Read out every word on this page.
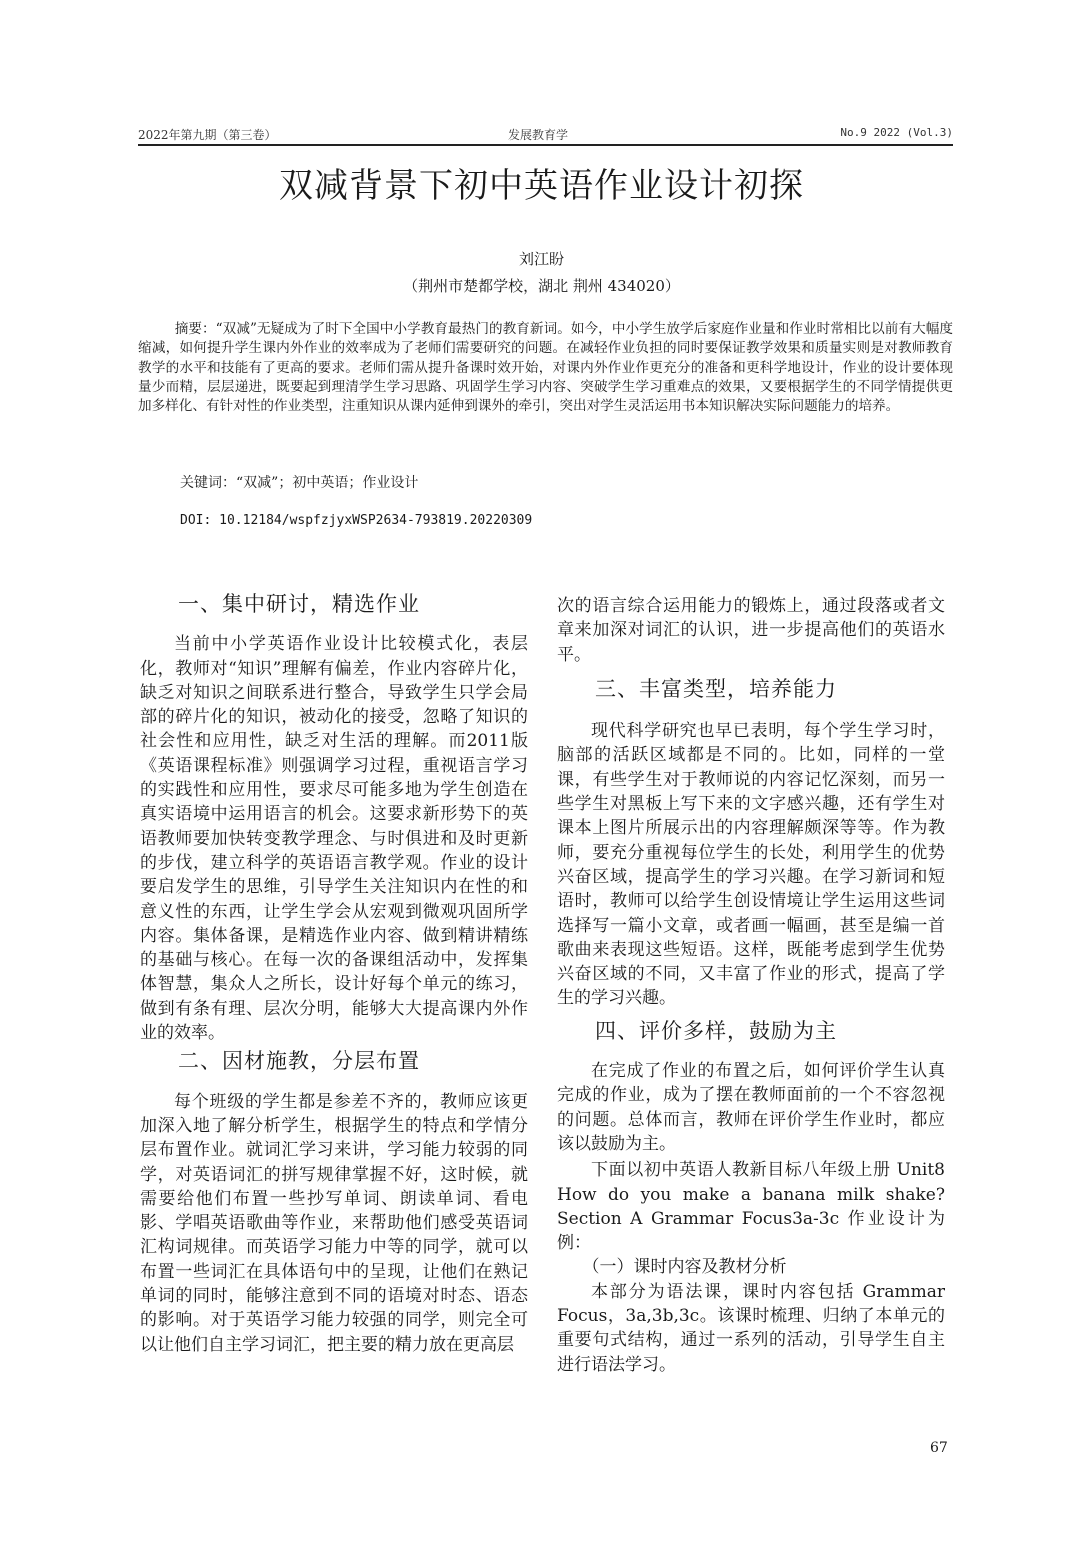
2022年第九期（第三卷）	发展教育学	No.9 2022 (Vol.3)
双减背景下初中英语作业设计初探
刘江盼
（荆州市楚都学校，湖北 荆州 434020）
摘要：“双减”无疑成为了时下全国中小学教育最热门的教育新词。如今，中小学生放学后家庭作业量和作业时常相比以前有大幅度缩减，如何提升学生课内外作业的效率成为了老师们需要研究的问题。在减轻作业负担的同时要保证教学效果和质量实则是对教师教育教学的水平和技能有了更高的要求。老师们需从提升备课时效开始，对课内外作业作更充分的准备和更科学地设计，作业的设计要体现量少而精，层层递进，既要起到理清学生学习思路、巩固学生学习内容、突破学生学习重难点的效果，又要根据学生的不同学情提供更加多样化、有针对性的作业类型，注重知识从课内延伸到课外的牵引，突出对学生灵活运用书本知识解决实际问题能力的培养。
关键词：“双减”；初中英语；作业设计
DOI: 10.12184/wspfzjyxWSP2634-793819.20220309
一、集中研讨，精选作业

当前中小学英语作业设计比较模式化，表层化，教师对“知识”理解有偏差，作业内容碎片化，缺乏对知识之间联系进行整合，导致学生只学会局部的碎片化的知识，被动化的接受，忽略了知识的社会性和应用性，缺乏对生活的理解。而2011版《英语课程标准》则强调学习过程，重视语言学习的实践性和应用性，要求尽可能多地为学生创造在真实语境中运用语言的机会。这要求新形势下的英语教师要加快转变教学理念、与时俱进和及时更新的步伐，建立科学的英语语言教学观。作业的设计要启发学生的思维，引导学生关注知识内在性的和意义性的东西，让学生学会从宏观到微观巩固所学内容。集体备课，是精选作业内容、做到精讲精练的基础与核心。在每一次的备课组活动中，发挥集体智慧，集众人之所长，设计好每个单元的练习，做到有条有理、层次分明，能够大大提高课内外作业的效率。

二、因材施教，分层布置

每个班级的学生都是参差不齐的，教师应该更加深入地了解分析学生，根据学生的特点和学情分层布置作业。就词汇学习来讲，学习能力较弱的同学，对英语词汇的拼写规律掌握不好，这时候，就需要给他们布置一些抄写单词、朗读单词、看电影、学唱英语歌曲等作业，来帮助他们感受英语词汇构词规律。而英语学习能力中等的同学，就可以布置一些词汇在具体语句中的呈现，让他们在熟记单词的同时，能够注意到不同的语境对时态、语态的影响。对于英语学习能力较强的同学，则完全可以让他们自主学习词汇，把主要的精力放在更高层

次的语言综合运用能力的锻炼上，通过段落或者文章来加深对词汇的认识，进一步提高他们的英语水平。

三、丰富类型，培养能力

现代科学研究也早已表明，每个学生学习时，脑部的活跃区域都是不同的。比如，同样的一堂课，有些学生对于教师说的内容记忆深刻，而另一些学生对黑板上写下来的文字感兴趣，还有学生对课本上图片所展示出的内容理解颇深等等。作为教师，要充分重视每位学生的长处，利用学生的优势兴奋区域，提高学生的学习兴趣。在学习新词和短语时，教师可以给学生创设情境让学生运用这些词选择写一篇小文章，或者画一幅画，甚至是编一首歌曲来表现这些短语。这样，既能考虑到学生优势兴奋区域的不同，又丰富了作业的形式，提高了学生的学习兴趣。

四、评价多样，鼓励为主

在完成了作业的布置之后，如何评价学生认真完成的作业，成为了摆在教师面前的一个不容忽视的问题。总体而言，教师在评价学生作业时，都应该以鼓励为主。

下面以初中英语人教新目标八年级上册 Unit8 How do you make a banana milk shake? Section A Grammar Focus3a-3c 作业设计为例：

（一）课时内容及教材分析

本部分为语法课，课时内容包括 Grammar Focus，3a,3b,3c。该课时梳理、归纳了本单元的重要句式结构，通过一系列的活动，引导学生自主进行语法学习。

67
